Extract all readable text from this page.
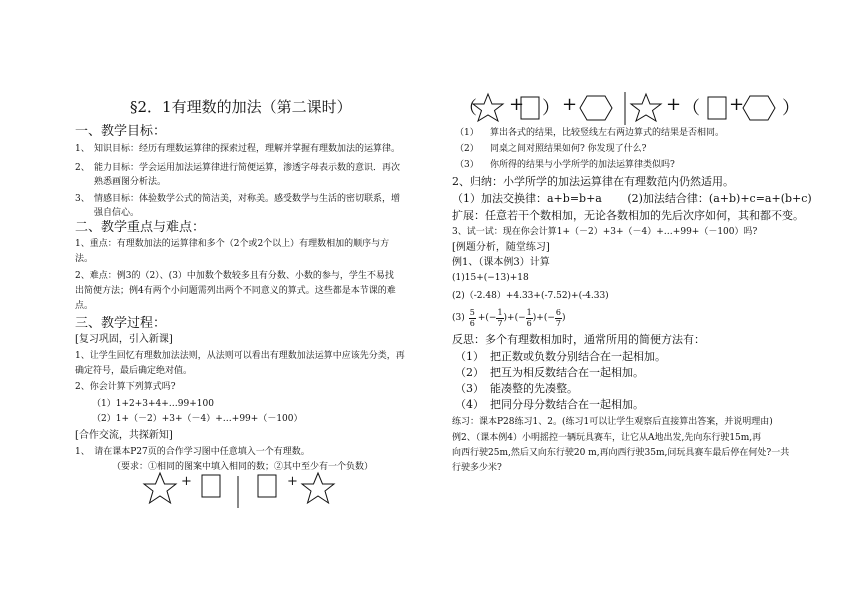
§2．1有理数的加法（第二课时）
一、教学目标：
1、 知识目标：经历有理数运算律的探索过程，理解并掌握有理数加法的运算律。
2、 能力目标：学会运用加法运算律进行简便运算，渗透字母表示数的意识．再次
熟悉画图分析法。
3、 情感目标：体验数学公式的简洁美，对称美。感受数学与生活的密切联系，增
强自信心。
二、教学重点与难点：
1、重点：有理数加法的运算律和多个（2个或2个以上）有理数相加的顺序与方
法。
2、难点：例3的（2）、(3）中加数个数较多且有分数、小数的参与，学生不易找
出简便方法；例4有两个小问题需列出两个不同意义的算式。这些都是本节课的难
点。
三、教学过程：
[复习巩固，引入新课]
1、让学生回忆有理数加法法则，从法则可以看出有理数加法运算中应该先分类，再
确定符号，最后确定绝对值。
2、你会计算下列算式吗?
（1）1+2+3+4+…99+100
（2）1+（－2）+3+（－4）+…+99+（－100）
[合作交流，共探新知]
1、　请在课本P27页的合作学习图中任意填入一个有理数。
（要求：①相同的图案中填入相同的数；②其中至少有一个负数）
+	+
（ + ） +	+ （ + ）
（1） 算出各式的结果，比较竖线左右两边算式的结果是否相同。
（2） 同桌之间对照结果如何? 你发现了什么?
（3） 你所得的结果与小学所学的加法运算律类似吗?
2、归纳：小学所学的加法运算律在有理数范内仍然适用。
（1）加法交换律：a+b=b+a　　 (2)加法结合律：(a+b)+c=a+(b+c)
扩展：任意若干个数相加，无论各数相加的先后次序如何，其和都不变。
3、试一试：现在你会计算1+（－2）+3+（－4）+…+99+（－100）吗?
[例题分析，随堂练习]
例1、（课本例3）计算
(1)15+(−13)+18
(2)（-2.48）+4.33+(-7.52)+(-4.33)
$(3) \frac{5}{6}$ +( − $\frac{1}{7}$ )+( − $\frac{1}{6}$ )+( − $\frac{6}{7}$ )
反思：多个有理数相加时，通常所用的简便方法有：
（1） 把正数或负数分别结合在一起相加。
（2） 把互为相反数结合在一起相加。
（3） 能凑整的先凑整。
（4） 把同分母分数结合在一起相加。
练习：课本P28练习1、2。(练习1可以让学生观察后直接算出答案，并说明理由)
例2、（课本例4）小明摇控一辆玩具赛车，让它从A地出发,先向东行驶15m,再
向西行驶25m,然后又向东行驶20 m,再向西行驶35m,问玩具赛车最后停在何处?一共
行驶多少米?
